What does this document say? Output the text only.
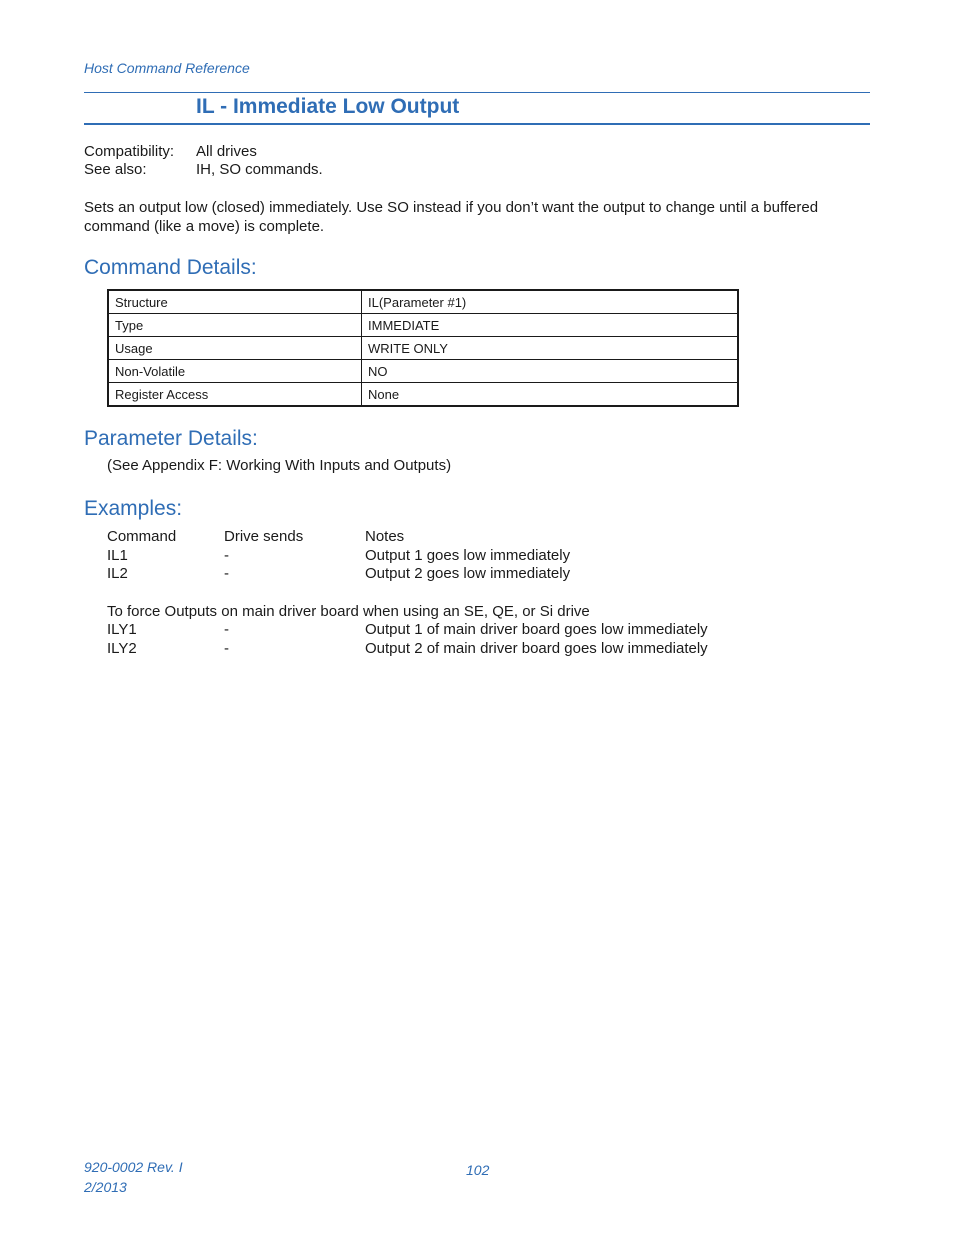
Host Command Reference
IL - Immediate Low Output
Compatibility: All drives
See also:	IH, SO commands.
Sets an output low (closed) immediately. Use SO instead if you don’t want the output to change until a buffered
command (like a move) is complete.
Command Details:
Structure	IL(Parameter #1)
Type	IMMEDIATE
Usage	WRITE ONLY
Non-Volatile	NO
Register Access	None
Parameter Details:
(See Appendix F: Working With Inputs and Outputs)
Examples:
Command	Drive sends	Notes
IL1	-	Output 1 goes low immediately
IL2	-	Output 2 goes low immediately
To force Outputs on main driver board when using an SE, QE, or Si drive
ILY1	-	Output 1 of main driver board goes low immediately
ILY2	-	Output 2 of main driver board goes low immediately
920-0002 Rev. I
2/2013
102
